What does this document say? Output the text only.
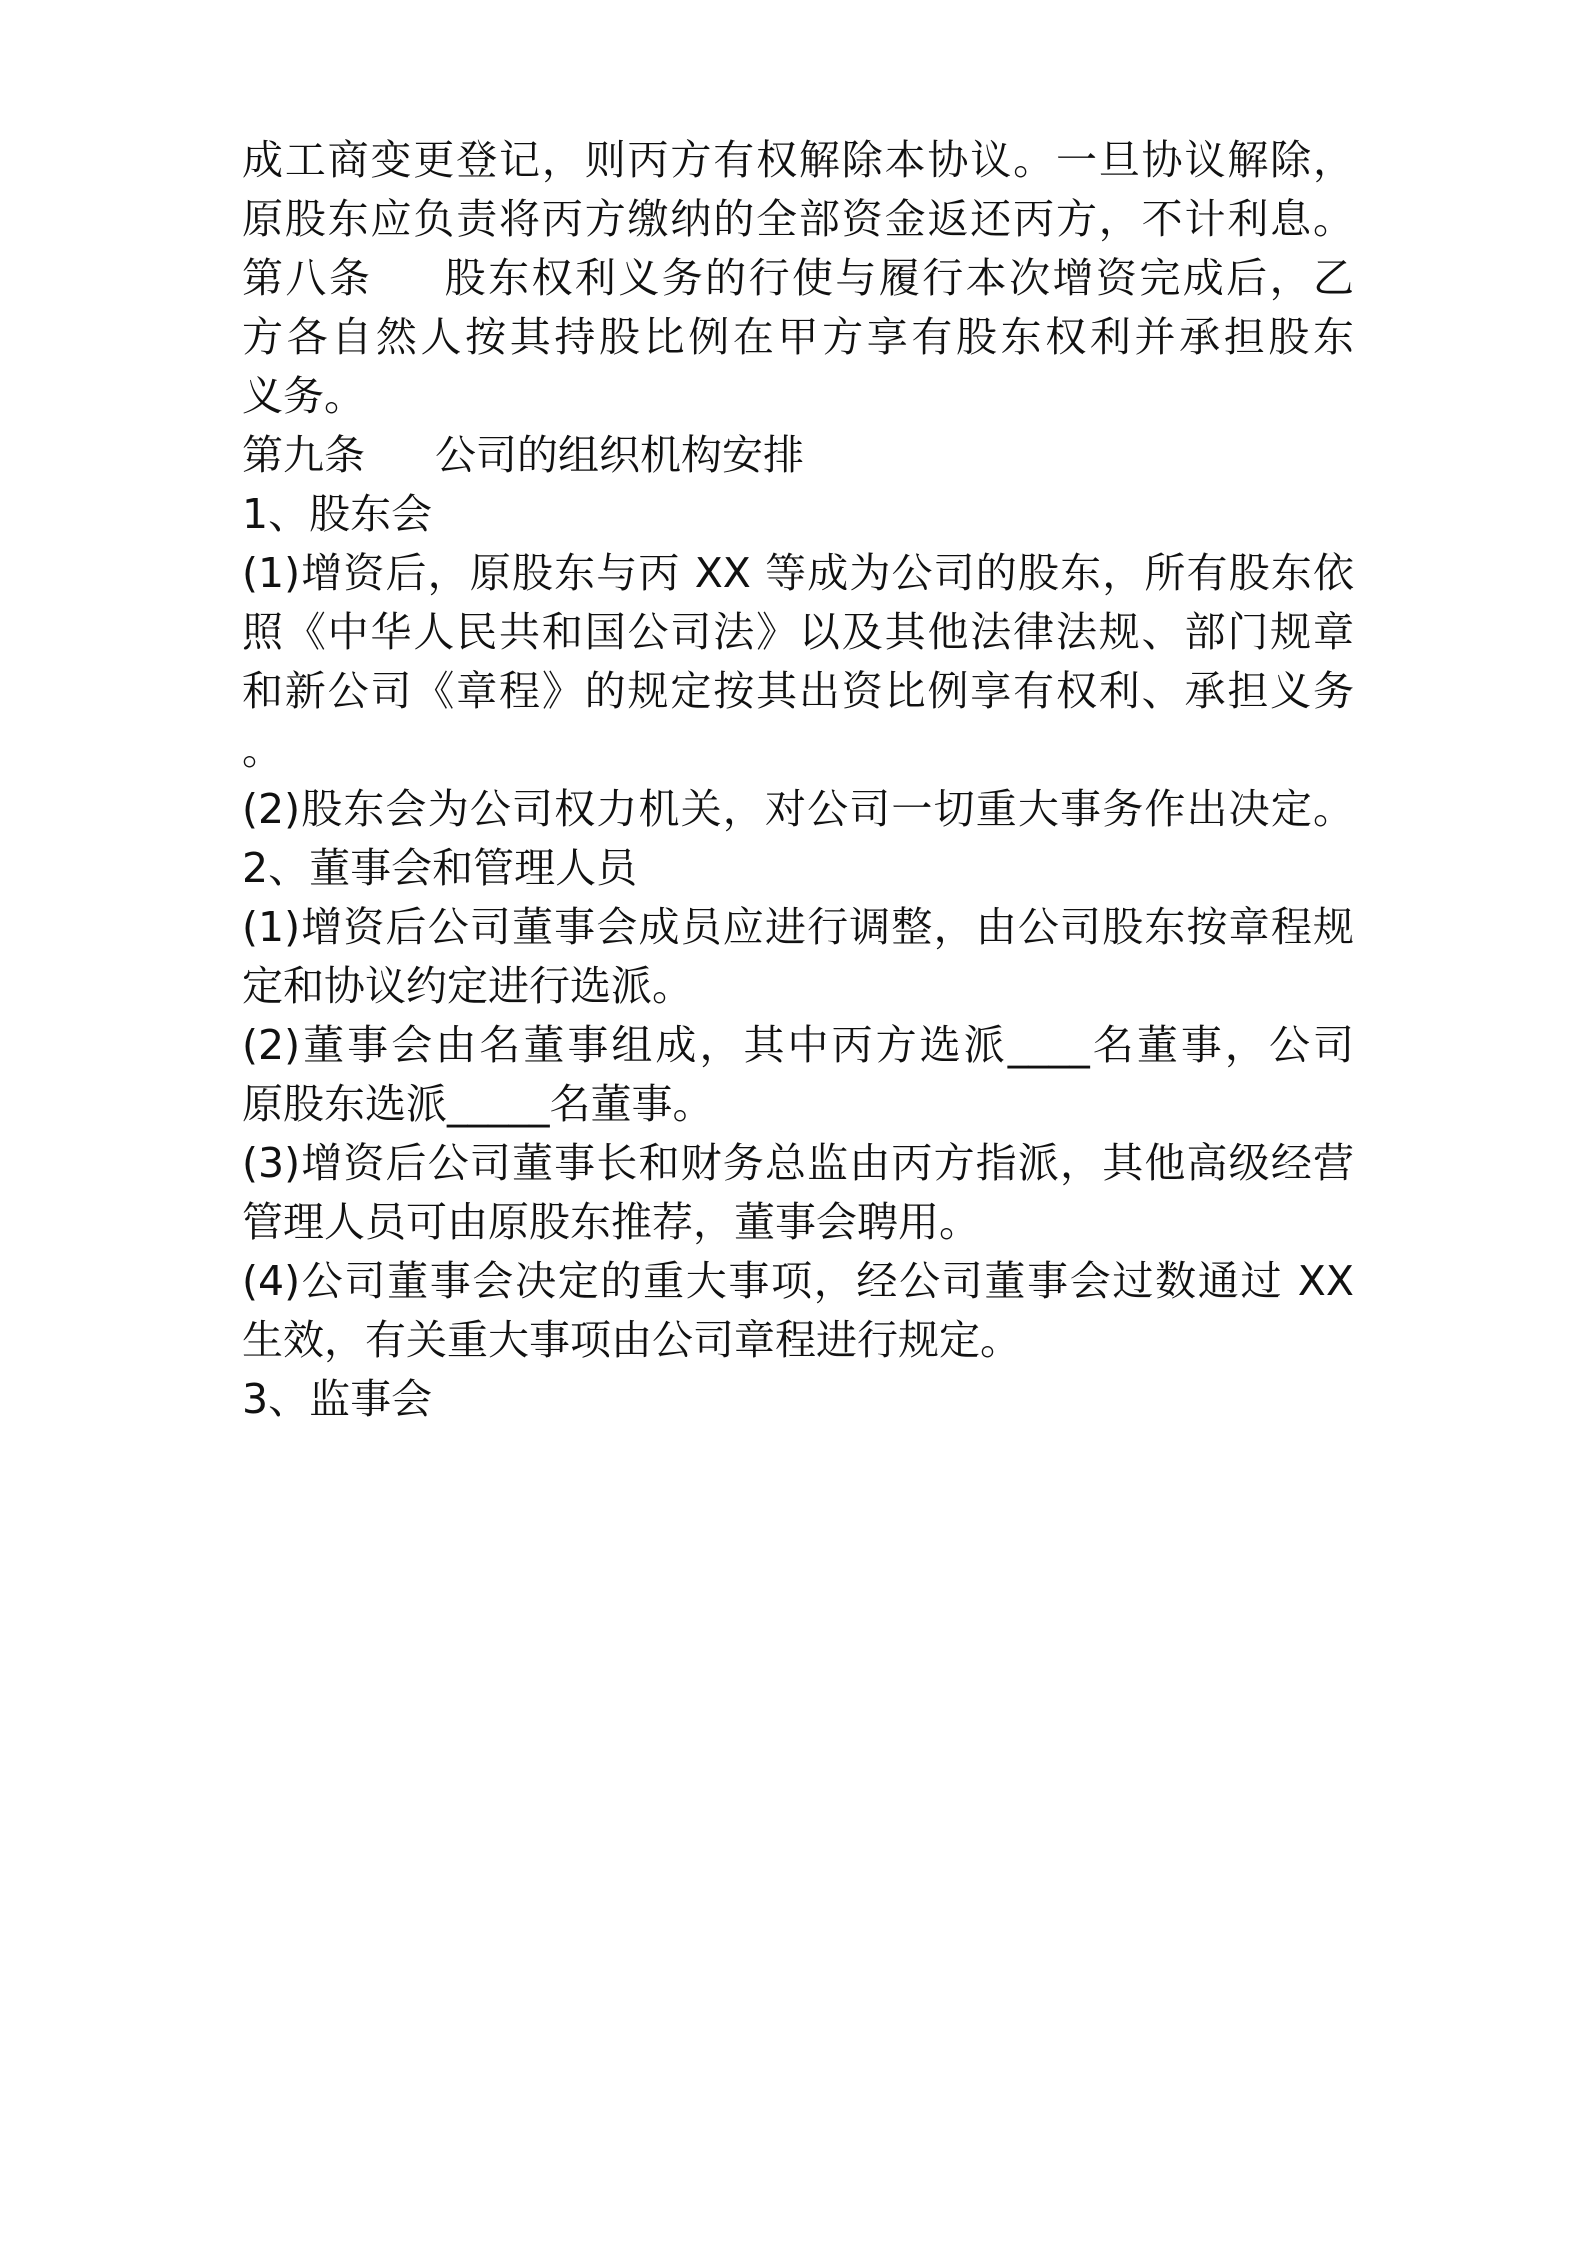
成工商变更登记，则丙方有权解除本协议。一旦协议解除，
原股东应负责将丙方缴纳的全部资金返还丙方，不计利息。
第八条 股东权利义务的行使与履行本次增资完成后，乙
方各自然人按其持股比例在甲方享有股东权利并承担股东
义务。
第九条 公司的组织机构安排
1、股东会
(1)增资后，原股东与丙 XX 等成为公司的股东，所有股东依
照《中华人民共和国公司法》以及其他法律法规、部门规章
和新公司《章程》的规定按其出资比例享有权利、承担义务
。
(2)股东会为公司权力机关，对公司一切重大事务作出决定。
2、董事会和管理人员
(1)增资后公司董事会成员应进行调整，由公司股东按章程规
定和协议约定进行选派。
(2)董事会由名董事组成，其中丙方选派____名董事，公司
原股东选派_____名董事。
(3)增资后公司董事长和财务总监由丙方指派，其他高级经营
管理人员可由原股东推荐，董事会聘用。
(4)公司董事会决定的重大事项，经公司董事会过数通过 XX
生效，有关重大事项由公司章程进行规定。
3、监事会
